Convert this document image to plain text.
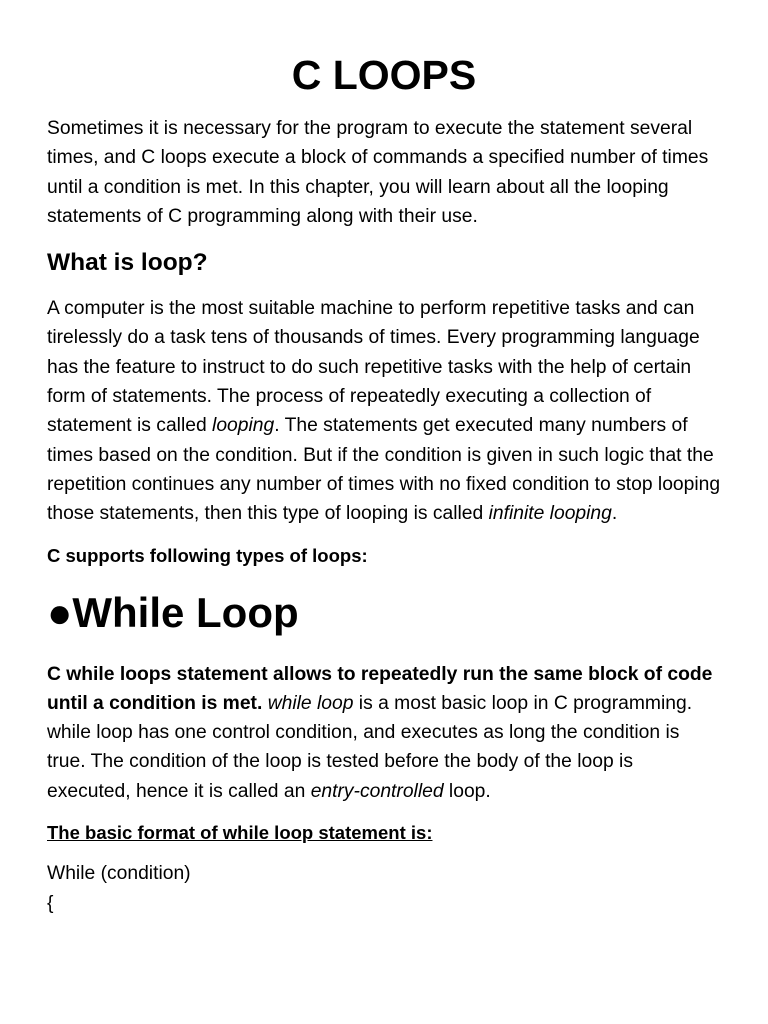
C LOOPS

Sometimes it is necessary for the program to execute the statement several times, and C loops execute a block of commands a specified number of times until a condition is met. In this chapter, you will learn about all the looping statements of C programming along with their use.

What is loop?

A computer is the most suitable machine to perform repetitive tasks and can tirelessly do a task tens of thousands of times. Every programming language has the feature to instruct to do such repetitive tasks with the help of certain form of statements. The process of repeatedly executing a collection of statement is called looping. The statements get executed many numbers of times based on the condition. But if the condition is given in such logic that the repetition continues any number of times with no fixed condition to stop looping those statements, then this type of looping is called infinite looping.

C supports following types of loops:

●While Loop

C while loops statement allows to repeatedly run the same block of code until a condition is met. while loop is a most basic loop in C programming. while loop has one control condition, and executes as long the condition is true. The condition of the loop is tested before the body of the loop is executed, hence it is called an entry-controlled loop.

The basic format of while loop statement is:

While (condition)
{
